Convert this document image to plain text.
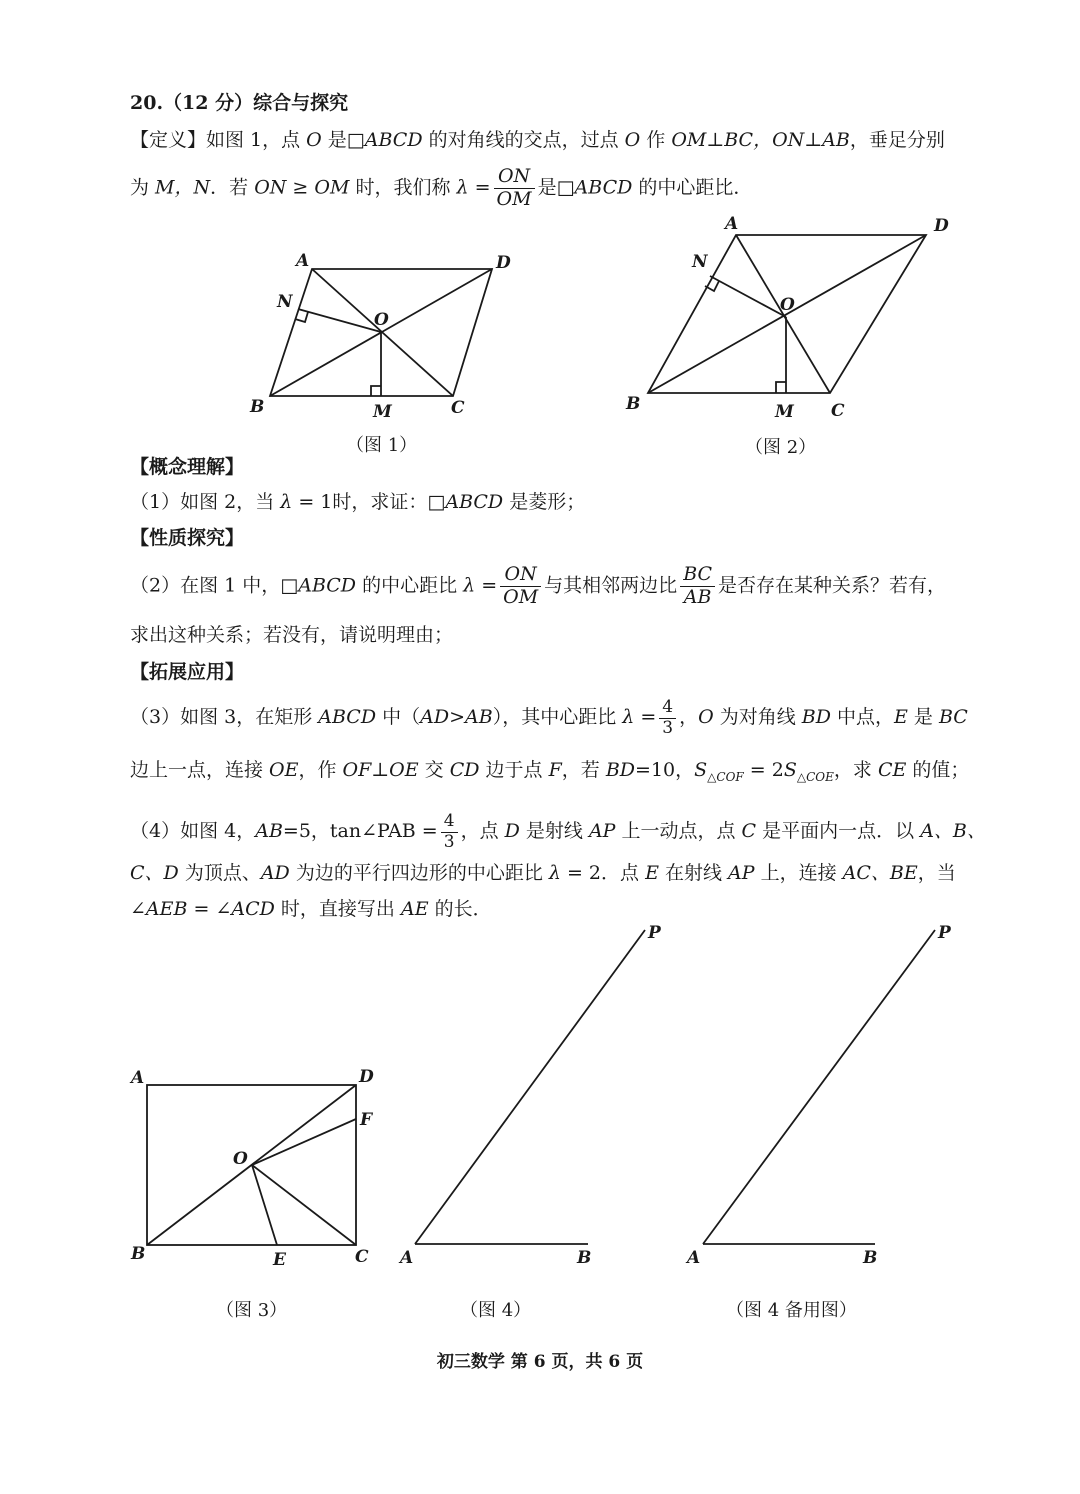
20.（12 分）综合与探究
【定义】如图 1，点 O 是□ABCD 的对角线的交点，过点 O 作 OM⊥BC，ON⊥AB，垂足分别
为 M，N．若 ON ≥ OM 时，我们称 $\lambda = \frac{ON}{OM}$ 是□ABCD 的中心距比．
A	D
N
O
B	M	C
（图 1）
A	D
N
O
B	M C
（图 2）
【概念理解】
（1）如图 2，当 λ = 1时，求证：□ABCD 是菱形；
【性质探究】
（2）在图 1 中，□ABCD 的中心距比 $\lambda = \frac{ON}{OM}$ 与其相邻两边比 $\frac{BC}{AB}$ 是否存在某种关系？若有，
求出这种关系；若没有，请说明理由；
【拓展应用】
（3）如图 3，在矩形 ABCD 中（AD>AB），其中心距比 $\lambda = \frac{4}{3}$ ，O 为对角线 BD 中点，E 是 BC
边上一点，连接 OE，作 OF⊥OE 交 CD 边于点 F，若 BD=10，$S_{\triangle COF} = 2S_{\triangle COE}$，求 CE 的值；
（4）如图 4，AB=5，tan∠PAB = $\frac{4}{3}$ ，点 D 是射线 AP 上一动点，点 C 是平面内一点．以 A、B、
C、D 为顶点、AD 为边的平行四边形的中心距比 λ = 2．点 E 在射线 AP 上，连接 AC、BE，当
∠AEB = ∠ACD 时，直接写出 AE 的长．
A	D
F
O
B	E	C
（图 3）
P
A	B
（图 4）
P
A	B
（图 4 备用图）
初三数学 第 6 页，共 6 页
